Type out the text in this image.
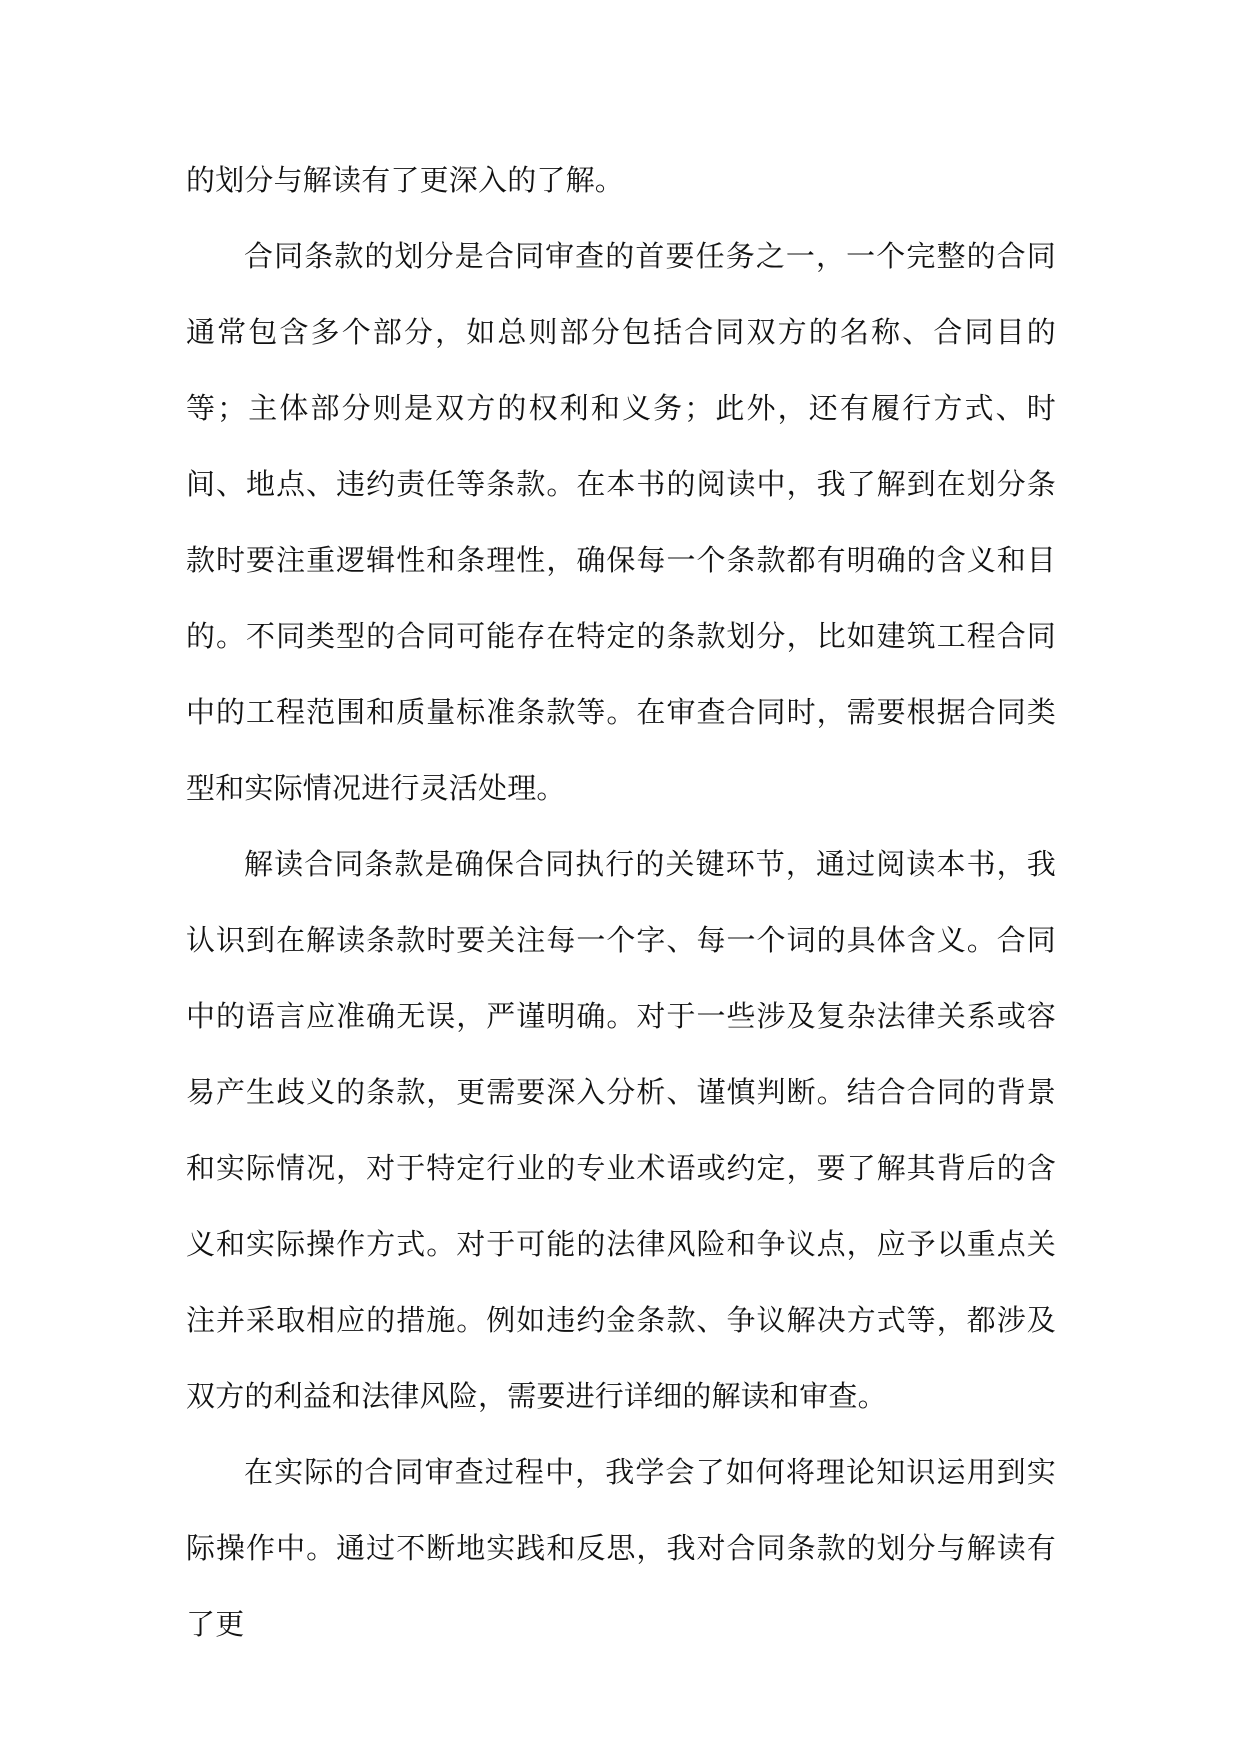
的划分与解读有了更深入的了解。

合同条款的划分是合同审查的首要任务之一，一个完整的合同通常包含多个部分，如总则部分包括合同双方的名称、合同目的等；主体部分则是双方的权利和义务；此外，还有履行方式、时间、地点、违约责任等条款。在本书的阅读中，我了解到在划分条款时要注重逻辑性和条理性，确保每一个条款都有明确的含义和目的。不同类型的合同可能存在特定的条款划分，比如建筑工程合同中的工程范围和质量标准条款等。在审查合同时，需要根据合同类型和实际情况进行灵活处理。

解读合同条款是确保合同执行的关键环节，通过阅读本书，我认识到在解读条款时要关注每一个字、每一个词的具体含义。合同中的语言应准确无误，严谨明确。对于一些涉及复杂法律关系或容易产生歧义的条款，更需要深入分析、谨慎判断。结合合同的背景和实际情况，对于特定行业的专业术语或约定，要了解其背后的含义和实际操作方式。对于可能的法律风险和争议点，应予以重点关注并采取相应的措施。例如违约金条款、争议解决方式等，都涉及双方的利益和法律风险，需要进行详细的解读和审查。

在实际的合同审查过程中，我学会了如何将理论知识运用到实际操作中。通过不断地实践和反思，我对合同条款的划分与解读有了更
